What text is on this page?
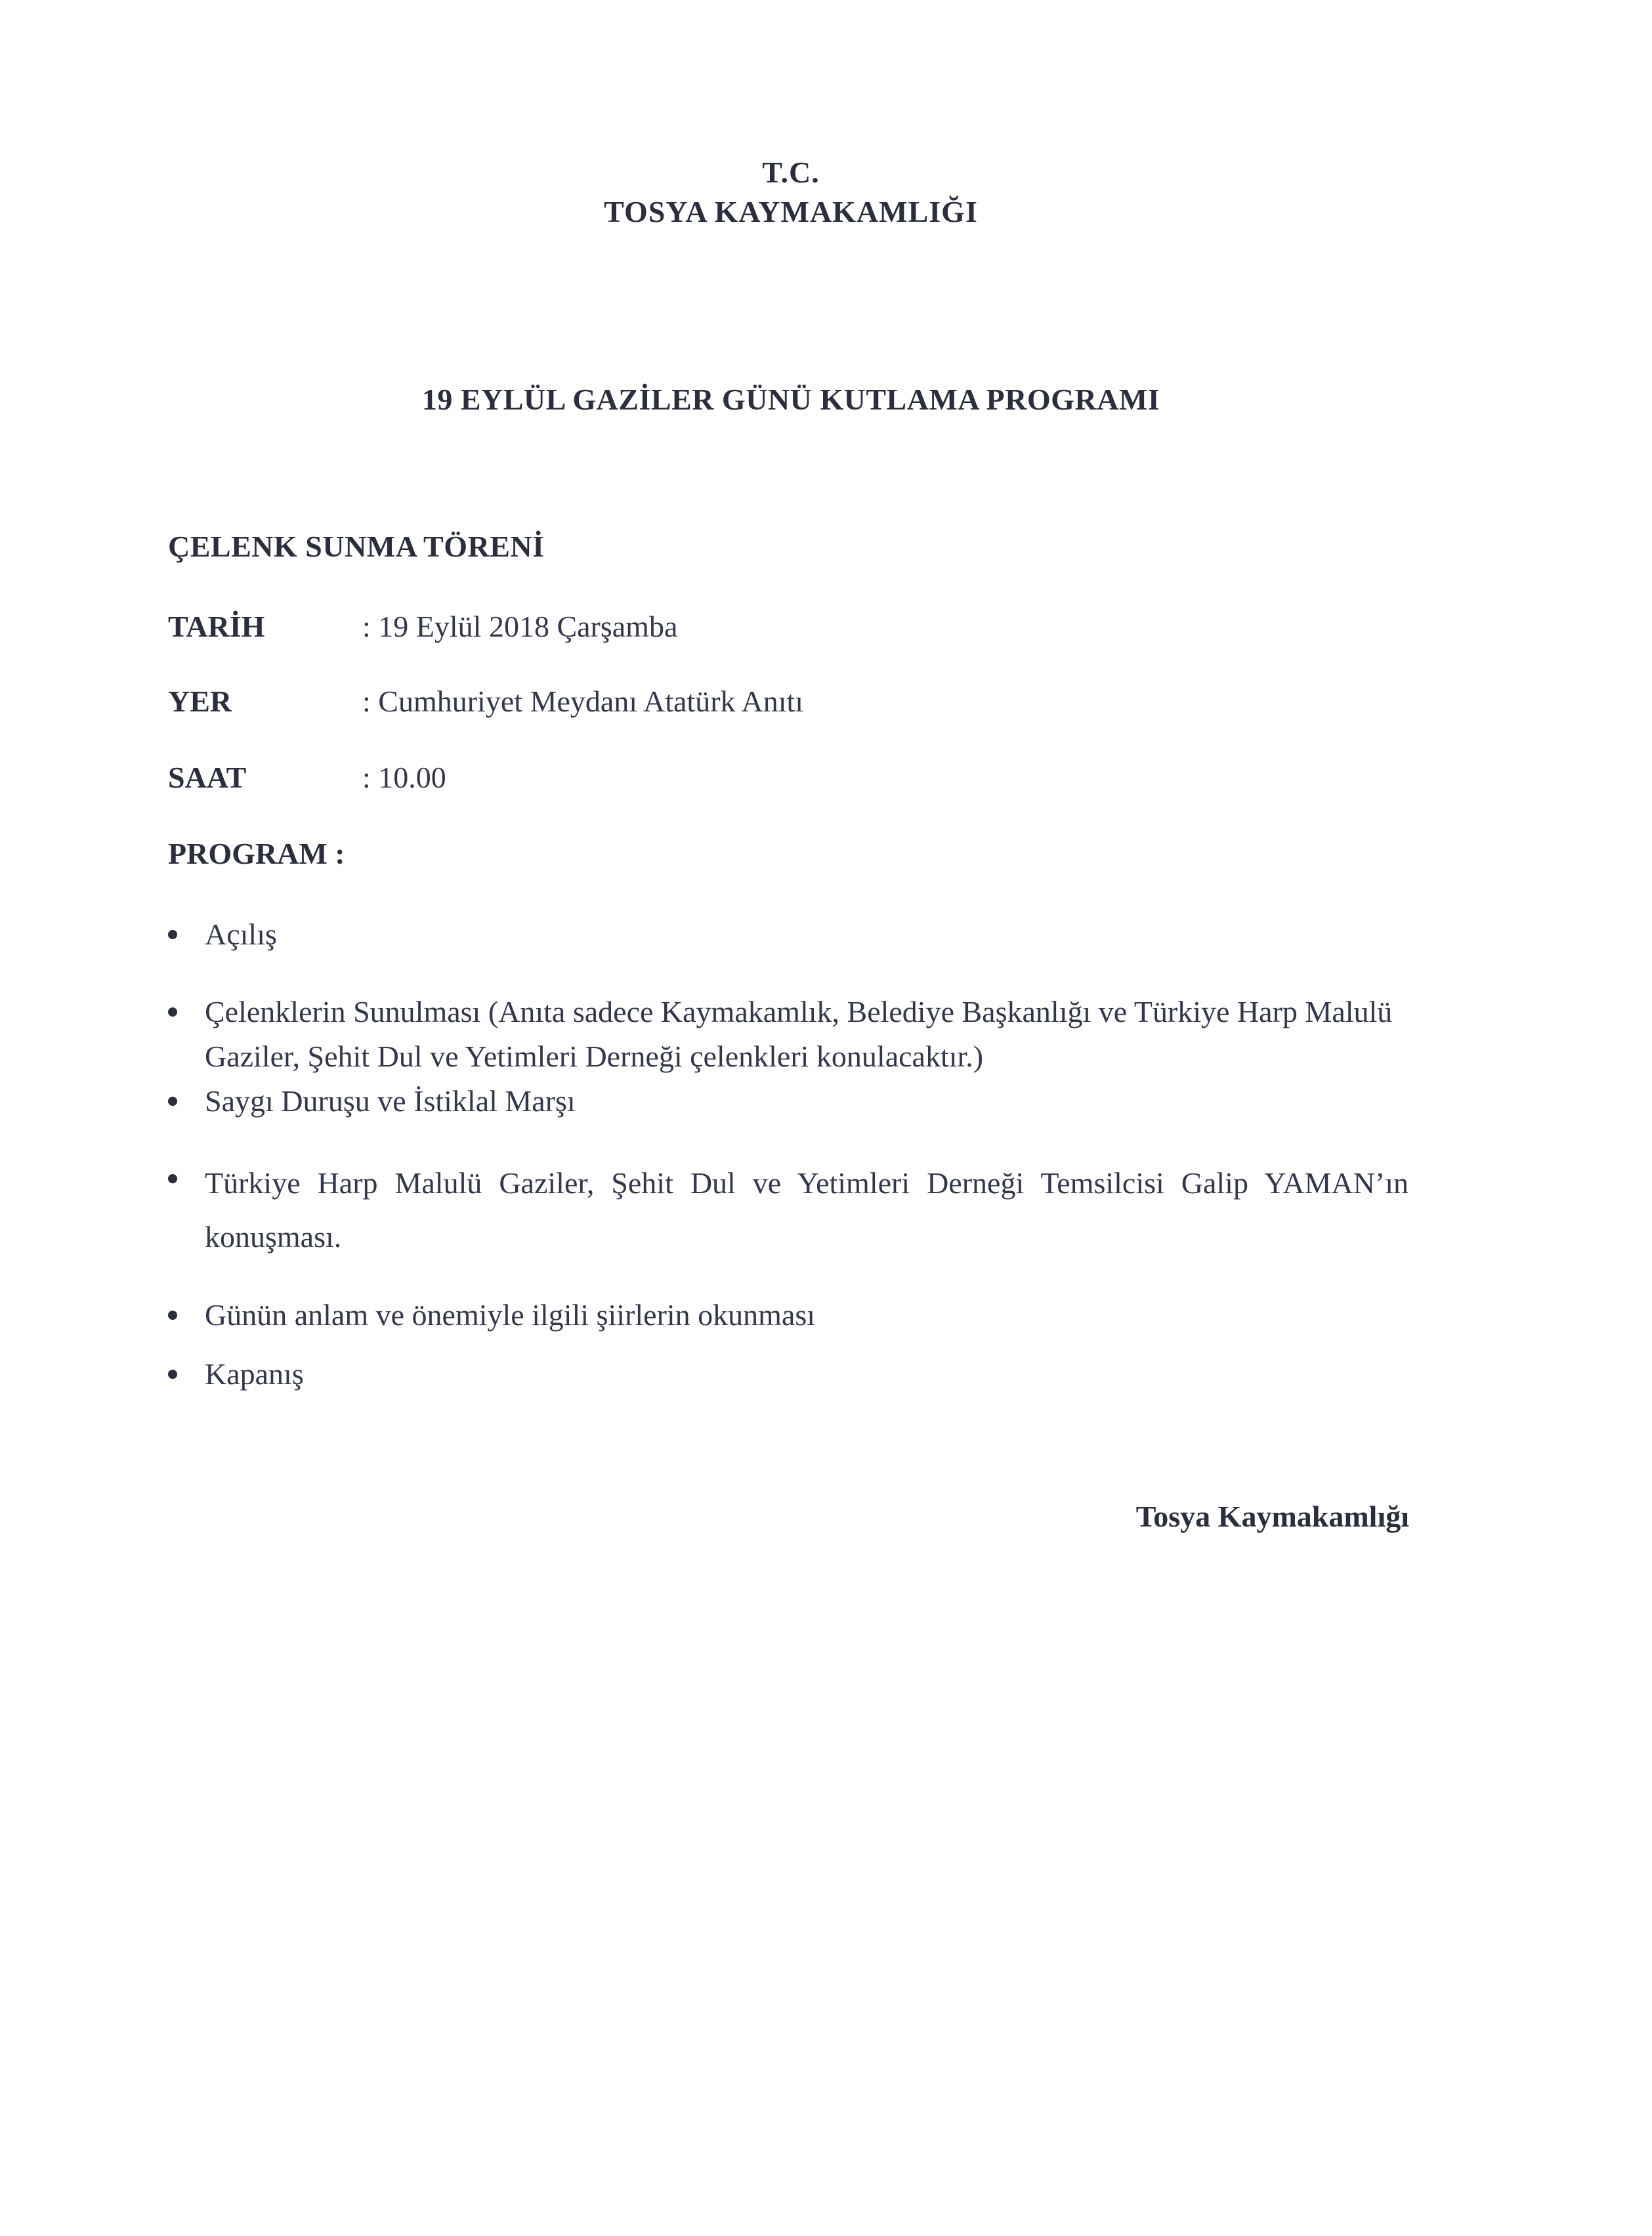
T.C.
TOSYA KAYMAKAMLIĞI
19 EYLÜL GAZİLER GÜNÜ KUTLAMA PROGRAMI
ÇELENK SUNMA TÖRENİ
TARİH	: 19 Eylül 2018 Çarşamba
YER	: Cumhuriyet Meydanı Atatürk Anıtı
SAAT	: 10.00
PROGRAM :
Açılış
Çelenklerin Sunulması (Anıta sadece Kaymakamlık, Belediye Başkanlığı ve Türkiye Harp Malulü Gaziler, Şehit Dul ve Yetimleri Derneği çelenkleri konulacaktır.)
Saygı Duruşu ve İstiklal Marşı
Türkiye Harp Malulü Gaziler, Şehit Dul ve Yetimleri Derneği Temsilcisi Galip YAMAN’ın konuşması.
Günün anlam ve önemiyle ilgili şiirlerin okunması
Kapanış
Tosya Kaymakamlığı
